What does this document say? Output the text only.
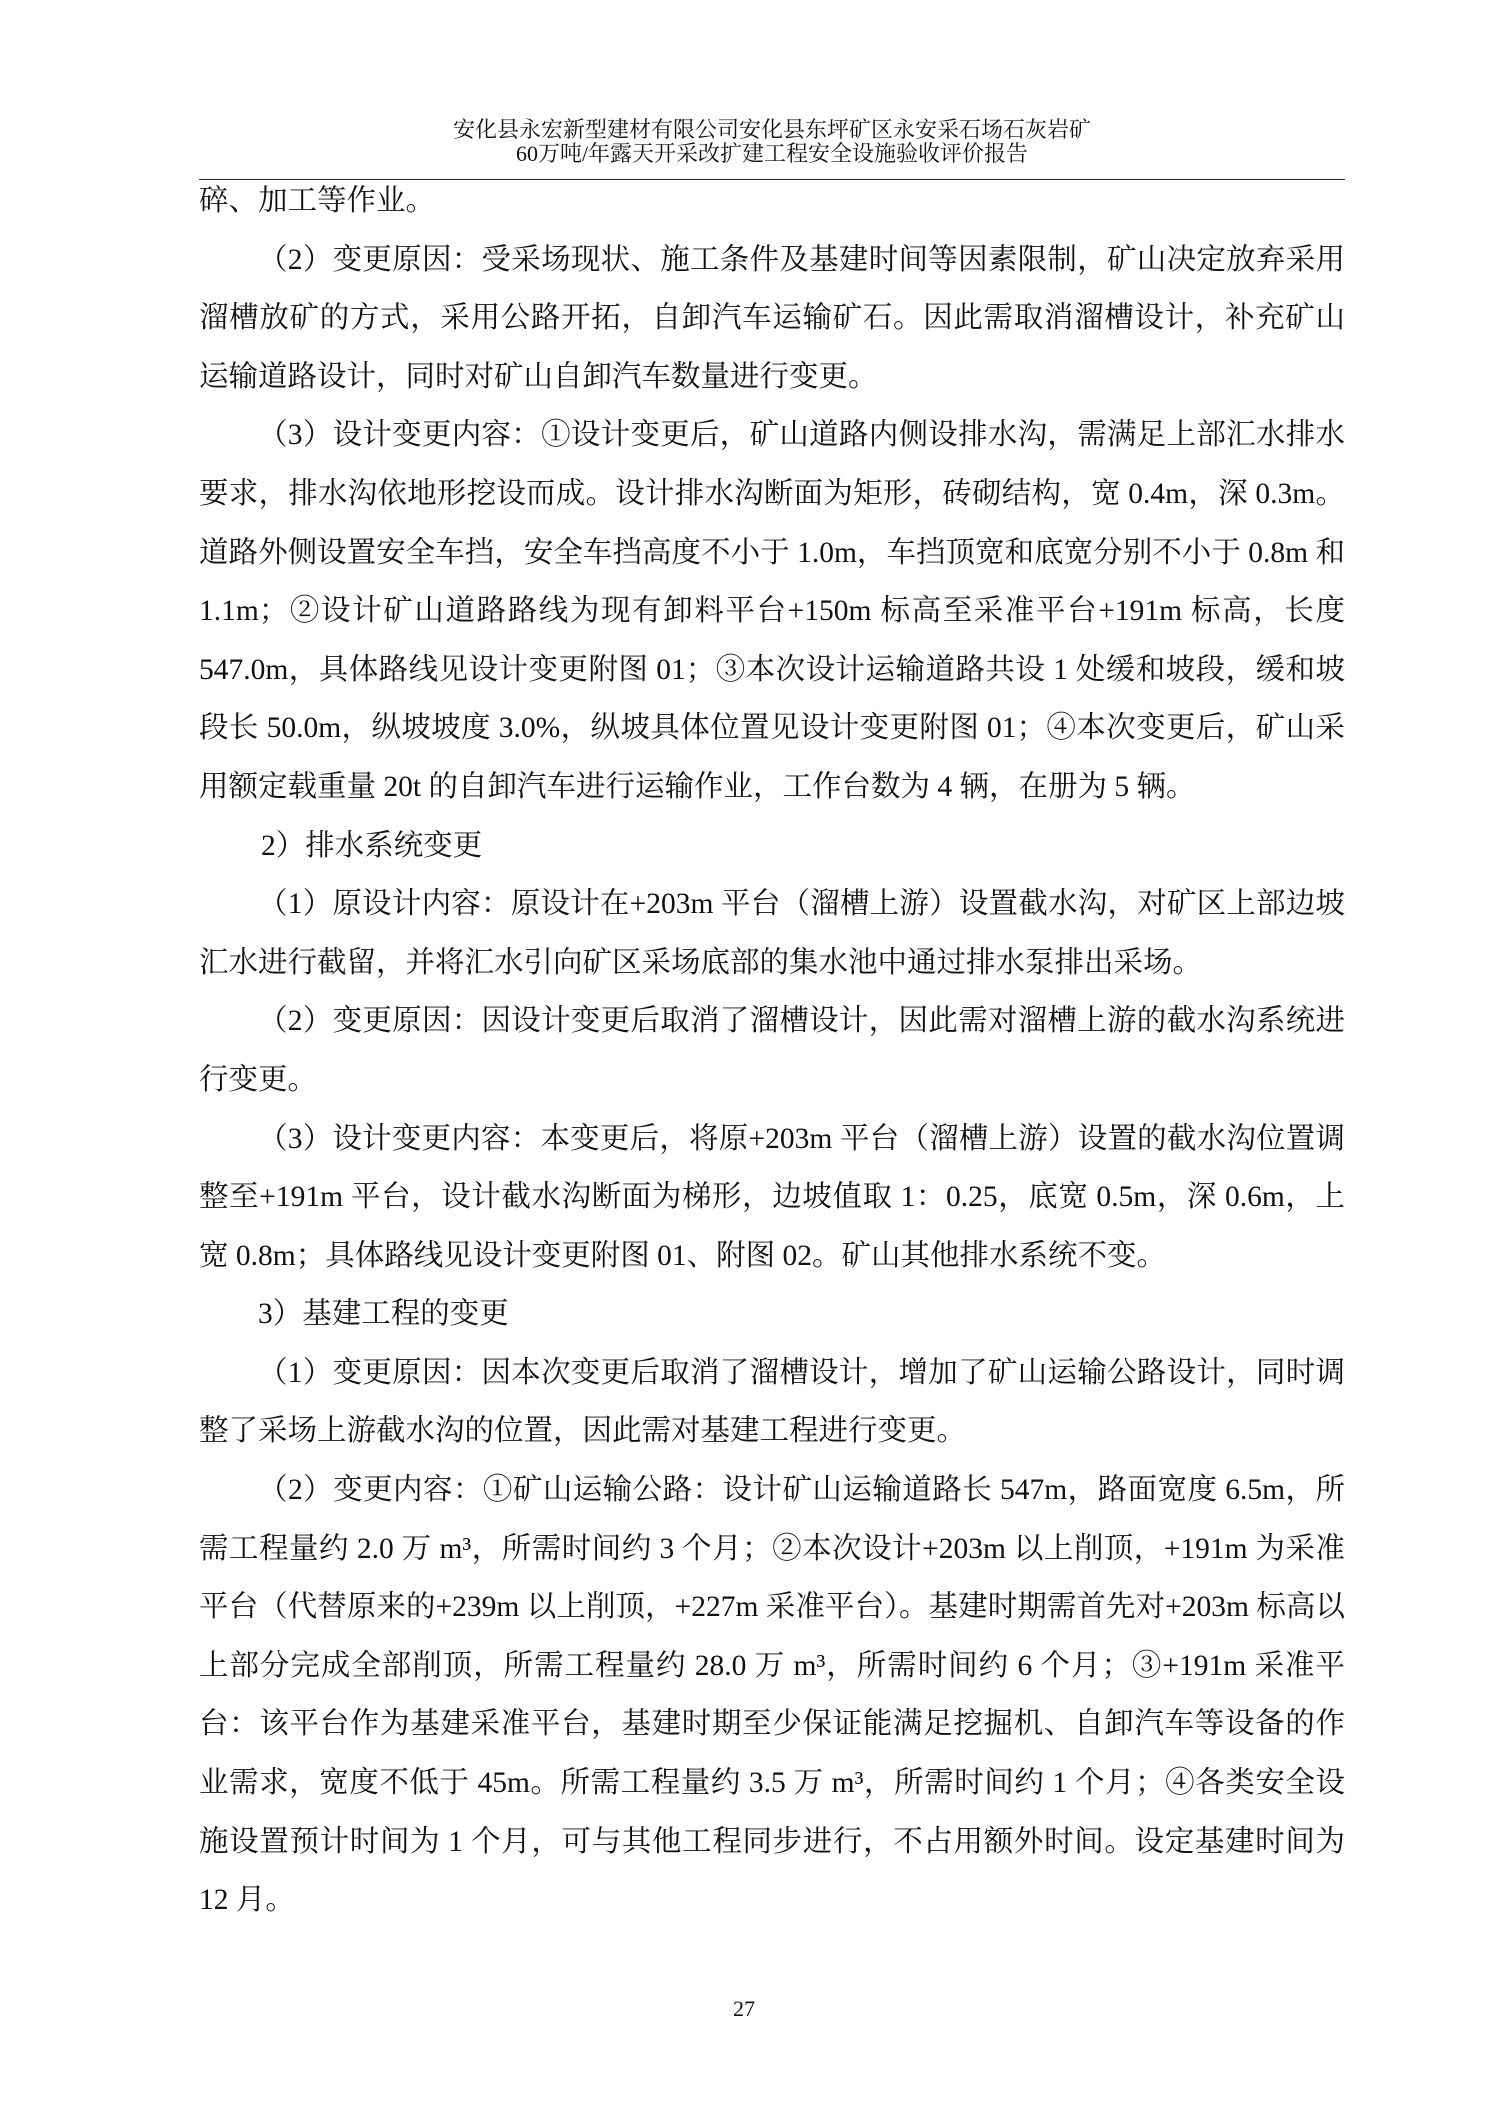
安化县永宏新型建材有限公司安化县东坪矿区永安采石场石灰岩矿
60万吨/年露天开采改扩建工程安全设施验收评价报告

碎、加工等作业。

（2）变更原因：受采场现状、施工条件及基建时间等因素限制，矿山决定放弃采用溜槽放矿的方式，采用公路开拓，自卸汽车运输矿石。因此需取消溜槽设计，补充矿山运输道路设计，同时对矿山自卸汽车数量进行变更。

（3）设计变更内容：①设计变更后，矿山道路内侧设排水沟，需满足上部汇水排水要求，排水沟依地形挖设而成。设计排水沟断面为矩形，砖砌结构，宽 0.4m，深 0.3m。道路外侧设置安全车挡，安全车挡高度不小于 1.0m，车挡顶宽和底宽分别不小于 0.8m 和 1.1m；②设计矿山道路路线为现有卸料平台+150m 标高至采准平台+191m 标高，长度 547.0m，具体路线见设计变更附图 01；③本次设计运输道路共设 1 处缓和坡段，缓和坡段长 50.0m，纵坡坡度 3.0%，纵坡具体位置见设计变更附图 01；④本次变更后，矿山采用额定载重量 20t 的自卸汽车进行运输作业，工作台数为 4 辆，在册为 5 辆。

2）排水系统变更

（1）原设计内容：原设计在+203m 平台（溜槽上游）设置截水沟，对矿区上部边坡汇水进行截留，并将汇水引向矿区采场底部的集水池中通过排水泵排出采场。

（2）变更原因：因设计变更后取消了溜槽设计，因此需对溜槽上游的截水沟系统进行变更。

（3）设计变更内容：本变更后，将原+203m 平台（溜槽上游）设置的截水沟位置调整至+191m 平台，设计截水沟断面为梯形，边坡值取 1：0.25，底宽 0.5m，深 0.6m，上宽 0.8m；具体路线见设计变更附图 01、附图 02。矿山其他排水系统不变。

3）基建工程的变更

（1）变更原因：因本次变更后取消了溜槽设计，增加了矿山运输公路设计，同时调整了采场上游截水沟的位置，因此需对基建工程进行变更。

（2）变更内容：①矿山运输公路：设计矿山运输道路长 547m，路面宽度 6.5m，所需工程量约 2.0 万 m³，所需时间约 3 个月；②本次设计+203m 以上削顶，+191m 为采准平台（代替原来的+239m 以上削顶，+227m 采准平台）。基建时期需首先对+203m 标高以上部分完成全部削顶，所需工程量约 28.0 万 m³，所需时间约 6 个月；③+191m 采准平台：该平台作为基建采准平台，基建时期至少保证能满足挖掘机、自卸汽车等设备的作业需求，宽度不低于 45m。所需工程量约 3.5 万 m³，所需时间约 1 个月；④各类安全设施设置预计时间为 1 个月，可与其他工程同步进行，不占用额外时间。设定基建时间为 12 月。

27
